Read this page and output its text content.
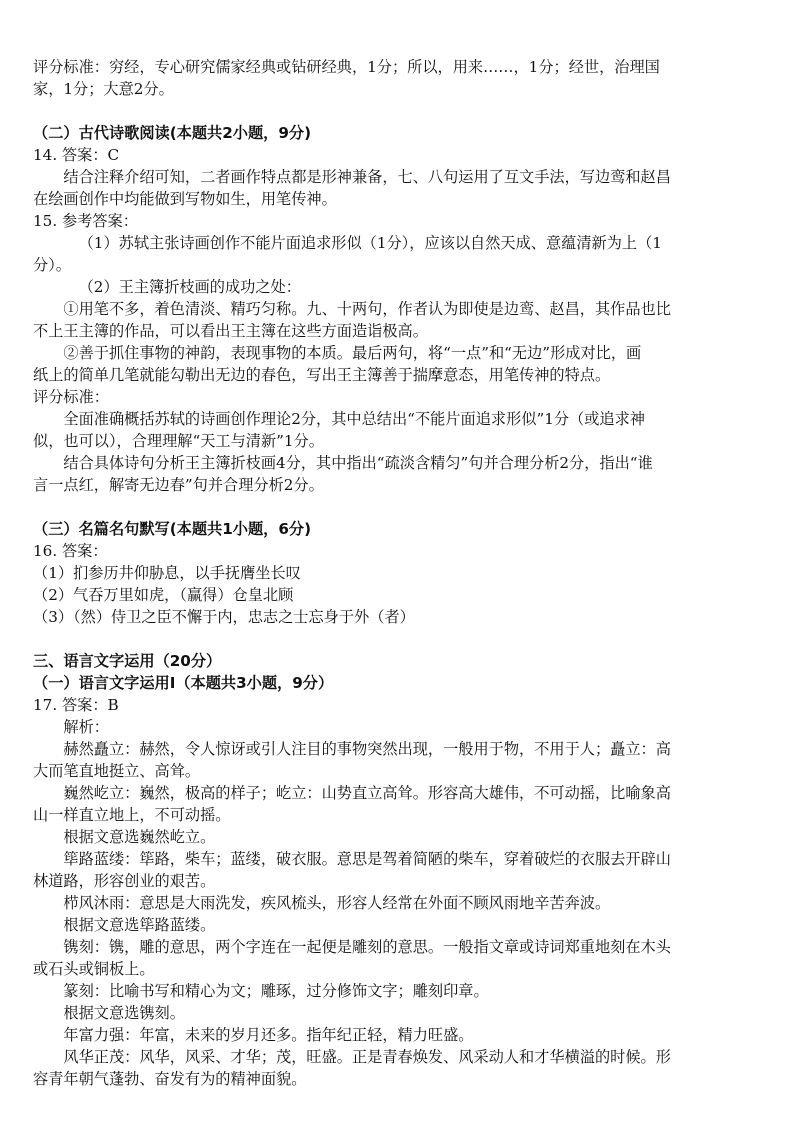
评分标准：穷经，专心研究儒家经典或钻研经典，1分；所以，用来……，1分；经世，治理国

家，1分；大意2分。

（二）古代诗歌阅读(本题共2小题，9分)

14. 答案：C

结合注释介绍可知，二者画作特点都是形神兼备，七、八句运用了互文手法，写边鸾和赵昌

在绘画创作中均能做到写物如生，用笔传神。

15. 参考答案：

（1）苏轼主张诗画创作不能片面追求形似（1分），应该以自然天成、意蕴清新为上（1

分）。

（2）王主簿折枝画的成功之处：

①用笔不多，着色清淡、精巧匀称。九、十两句，作者认为即使是边鸾、赵昌，其作品也比

不上王主簿的作品，可以看出王主簿在这些方面造诣极高。

②善于抓住事物的神韵，表现事物的本质。最后两句，将“一点”和“无边”形成对比，画

纸上的简单几笔就能勾勒出无边的春色，写出王主簿善于揣摩意态，用笔传神的特点。

评分标准：

全面准确概括苏轼的诗画创作理论2分，其中总结出“不能片面追求形似”1分（或追求神

似，也可以），合理理解“天工与清新”1分。

结合具体诗句分析王主簿折枝画4分，其中指出“疏淡含精匀”句并合理分析2分，指出“谁

言一点红，解寄无边春”句并合理分析2分。

（三）名篇名句默写(本题共1小题，6分)

16. 答案：

（1）扪参历井仰胁息，以手抚膺坐长叹

（2）气吞万里如虎，（赢得）仓皇北顾

（3）（然）侍卫之臣不懈于内，忠志之士忘身于外（者）

三、语言文字运用（20分）

（一）语言文字运用Ⅰ（本题共3小题，9分）

17. 答案：B

解析：

赫然矗立：赫然，令人惊讶或引人注目的事物突然出现，一般用于物，不用于人；矗立：高

大而笔直地挺立、高耸。

巍然屹立：巍然，极高的样子；屹立：山势直立高耸。形容高大雄伟，不可动摇，比喻象高

山一样直立地上，不可动摇。

根据文意选巍然屹立。

筚路蓝缕：筚路，柴车；蓝缕，破衣服。意思是驾着简陋的柴车，穿着破烂的衣服去开辟山

林道路，形容创业的艰苦。

栉风沐雨：意思是大雨洗发，疾风梳头，形容人经常在外面不顾风雨地辛苦奔波。

根据文意选筚路蓝缕。

镌刻：镌，雕的意思，两个字连在一起便是雕刻的意思。一般指文章或诗词郑重地刻在木头

或石头或铜板上。

篆刻：比喻书写和精心为文；雕琢，过分修饰文字；雕刻印章。

根据文意选镌刻。

年富力强：年富，未来的岁月还多。指年纪正轻，精力旺盛。

风华正茂：风华，风采、才华；茂，旺盛。正是青春焕发、风采动人和才华横溢的时候。形

容青年朝气蓬勃、奋发有为的精神面貌。
